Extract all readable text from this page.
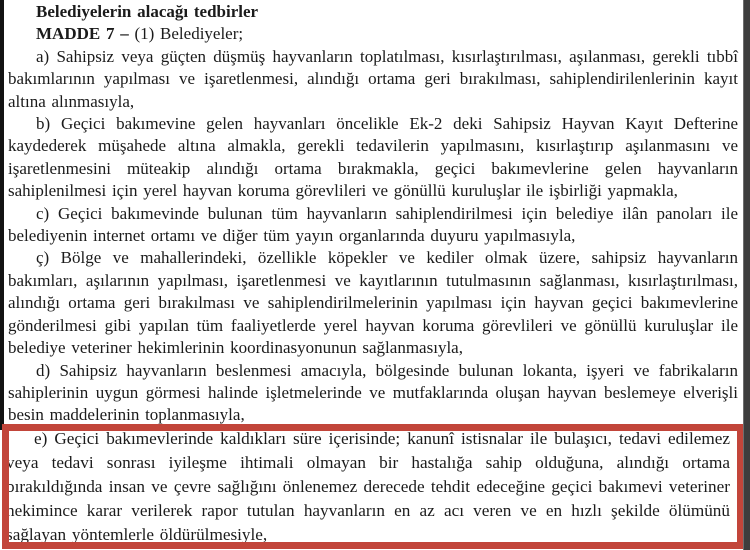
Belediyelerin alacağı tedbirler

MADDE 7 – (1) Belediyeler;

a) Sahipsiz veya güçten düşmüş hayvanların toplatılması, kısırlaştırılması, aşılanması, gerekli tıbbî bakımlarının yapılması ve işaretlenmesi, alındığı ortama geri bırakılması, sahiplendirilenlerinin kayıt altına alınmasıyla,

b) Geçici bakımevine gelen hayvanları öncelikle Ek-2 deki Sahipsiz Hayvan Kayıt Defterine kaydederek müşahede altına almakla, gerekli tedavilerin yapılmasını, kısırlaştırıp aşılanmasını ve işaretlenmesini müteakip alındığı ortama bırakmakla, geçici bakımevlerine gelen hayvanların sahiplenilmesi için yerel hayvan koruma görevlileri ve gönüllü kuruluşlar ile işbirliği yapmakla,

c) Geçici bakımevinde bulunan tüm hayvanların sahiplendirilmesi için belediye ilân panoları ile belediyenin internet ortamı ve diğer tüm yayın organlarında duyuru yapılmasıyla,

ç) Bölge ve mahallerindeki, özellikle köpekler ve kediler olmak üzere, sahipsiz hayvanların bakımları, aşılarının yapılması, işaretlenmesi ve kayıtlarının tutulmasının sağlanması, kısırlaştırılması, alındığı ortama geri bırakılması ve sahiplendirilmelerinin yapılması için hayvan geçici bakımevlerine gönderilmesi gibi yapılan tüm faaliyetlerde yerel hayvan koruma görevlileri ve gönüllü kuruluşlar ile belediye veteriner hekimlerinin koordinasyonunun sağlanmasıyla,

d) Sahipsiz hayvanların beslenmesi amacıyla, bölgesinde bulunan lokanta, işyeri ve fabrikaların sahiplerinin uygun görmesi halinde işletmelerinde ve mutfaklarında oluşan hayvan beslemeye elverişli besin maddelerinin toplanmasıyla,

e) Geçici bakımevlerinde kaldıkları süre içerisinde; kanunî istisnalar ile bulaşıcı, tedavi edilemez veya tedavi sonrası iyileşme ihtimali olmayan bir hastalığa sahip olduğuna, alındığı ortama bırakıldığında insan ve çevre sağlığını önlenemez derecede tehdit edeceğine geçici bakımevi veteriner hekimince karar verilerek rapor tutulan hayvanların en az acı veren ve en hızlı şekilde ölümünü sağlayan yöntemlerle öldürülmesiyle,
